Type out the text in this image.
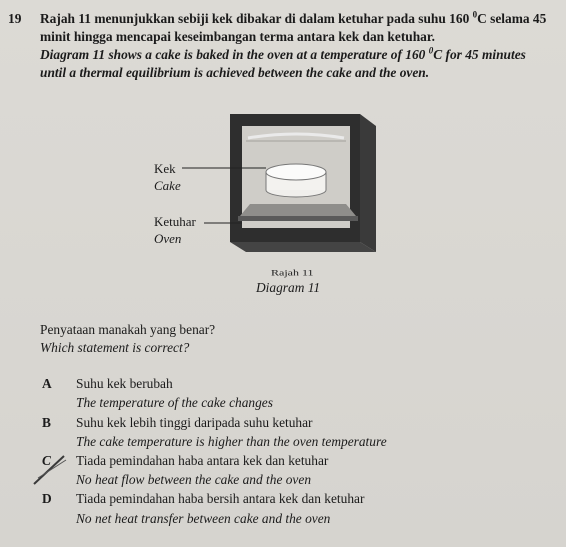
19 Rajah 11 menunjukkan sebiji kek dibakar di dalam ketuhar pada suhu 160 $^0$C selama 45
minit hingga mencapai keseimbangan terma antara kek dan ketuhar.
Diagram 11 shows a cake is baked in the oven at a temperature of 160 $^0$C for 45 minutes
until a thermal equilibrium is achieved between the cake and the oven.
Kek
Cake
Ketuhar
Oven
Rajah 11
Diagram 11
Penyataan manakah yang benar?
Which statement is correct?
A Suhu kek berubah
The temperature of the cake changes
B Suhu kek lebih tinggi daripada suhu ketuhar
The cake temperature is higher than the oven temperature
C Tiada pemindahan haba antara kek dan ketuhar
No heat flow between the cake and the oven
D Tiada pemindahan haba bersih antara kek dan ketuhar
No net heat transfer between cake and the oven
